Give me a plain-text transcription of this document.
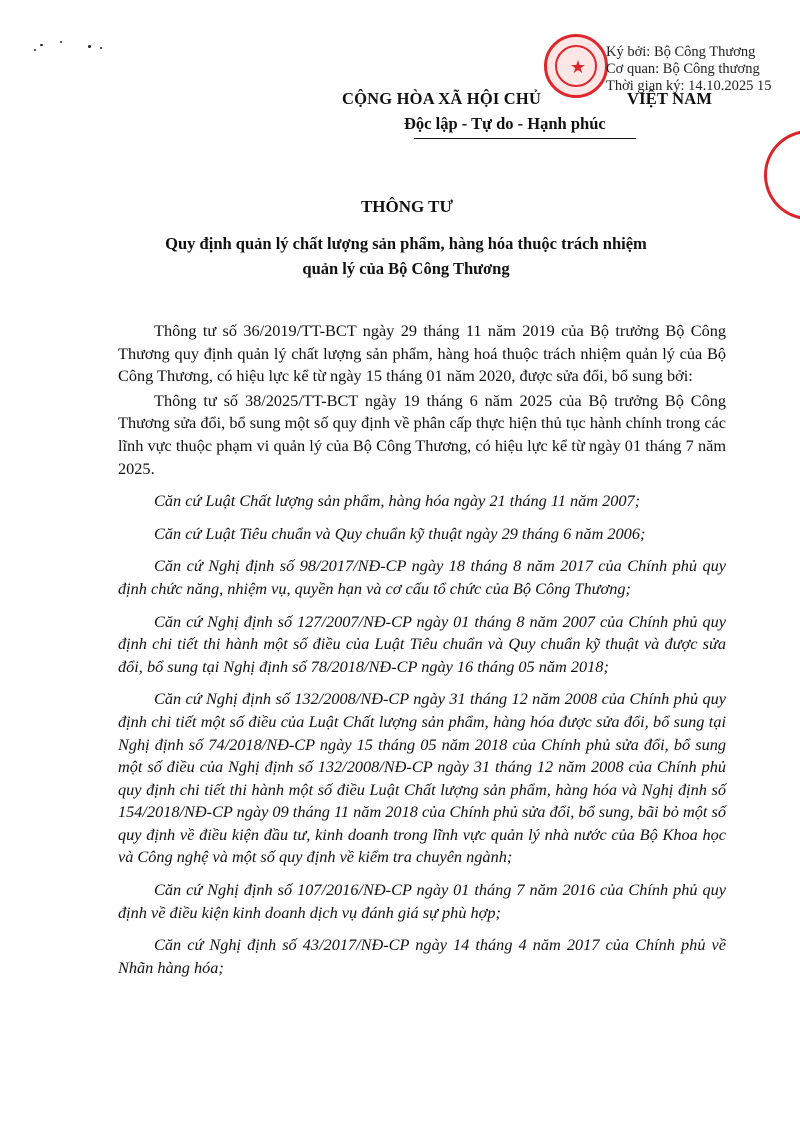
★
Ký bởi: Bộ Công Thương
Cơ quan: Bộ Công thương
Thời gian ký: 14.10.2025 15
CỘNG HÒA XÃ HỘI CHỦ	VIỆT NAM
Độc lập - Tự do - Hạnh phúc
THÔNG TƯ
Quy định quản lý chất lượng sản phẩm, hàng hóa thuộc trách nhiệm
quản lý của Bộ Công Thương

Thông tư số 36/2019/TT-BCT ngày 29 tháng 11 năm 2019 của Bộ trưởng Bộ Công Thương quy định quản lý chất lượng sản phẩm, hàng hoá thuộc trách nhiệm quản lý của Bộ Công Thương, có hiệu lực kể từ ngày 15 tháng 01 năm 2020, được sửa đổi, bổ sung bởi:

Thông tư số 38/2025/TT-BCT ngày 19 tháng 6 năm 2025 của Bộ trưởng Bộ Công Thương sửa đổi, bổ sung một số quy định về phân cấp thực hiện thủ tục hành chính trong các lĩnh vực thuộc phạm vi quản lý của Bộ Công Thương, có hiệu lực kể từ ngày 01 tháng 7 năm 2025.

Căn cứ Luật Chất lượng sản phẩm, hàng hóa ngày 21 tháng 11 năm 2007;

Căn cứ Luật Tiêu chuẩn và Quy chuẩn kỹ thuật ngày 29 tháng 6 năm 2006;

Căn cứ Nghị định số 98/2017/NĐ-CP ngày 18 tháng 8 năm 2017 của Chính phủ quy định chức năng, nhiệm vụ, quyền hạn và cơ cấu tổ chức của Bộ Công Thương;

Căn cứ Nghị định số 127/2007/NĐ-CP ngày 01 tháng 8 năm 2007 của Chính phủ quy định chi tiết thi hành một số điều của Luật Tiêu chuẩn và Quy chuẩn kỹ thuật và được sửa đổi, bổ sung tại Nghị định số 78/2018/NĐ-CP ngày 16 tháng 05 năm 2018;

Căn cứ Nghị định số 132/2008/NĐ-CP ngày 31 tháng 12 năm 2008 của Chính phủ quy định chi tiết một số điều của Luật Chất lượng sản phẩm, hàng hóa được sửa đổi, bổ sung tại Nghị định số 74/2018/NĐ-CP ngày 15 tháng 05 năm 2018 của Chính phủ sửa đổi, bổ sung một số điều của Nghị định số 132/2008/NĐ-CP ngày 31 tháng 12 năm 2008 của Chính phủ quy định chi tiết thi hành một số điều Luật Chất lượng sản phẩm, hàng hóa và Nghị định số 154/2018/NĐ-CP ngày 09 tháng 11 năm 2018 của Chính phủ sửa đổi, bổ sung, bãi bỏ một số quy định về điều kiện đầu tư, kinh doanh trong lĩnh vực quản lý nhà nước của Bộ Khoa học và Công nghệ và một số quy định về kiểm tra chuyên ngành;

Căn cứ Nghị định số 107/2016/NĐ-CP ngày 01 tháng 7 năm 2016 của Chính phủ quy định về điều kiện kinh doanh dịch vụ đánh giá sự phù hợp;

Căn cứ Nghị định số 43/2017/NĐ-CP ngày 14 tháng 4 năm 2017 của Chính phủ về Nhãn hàng hóa;
